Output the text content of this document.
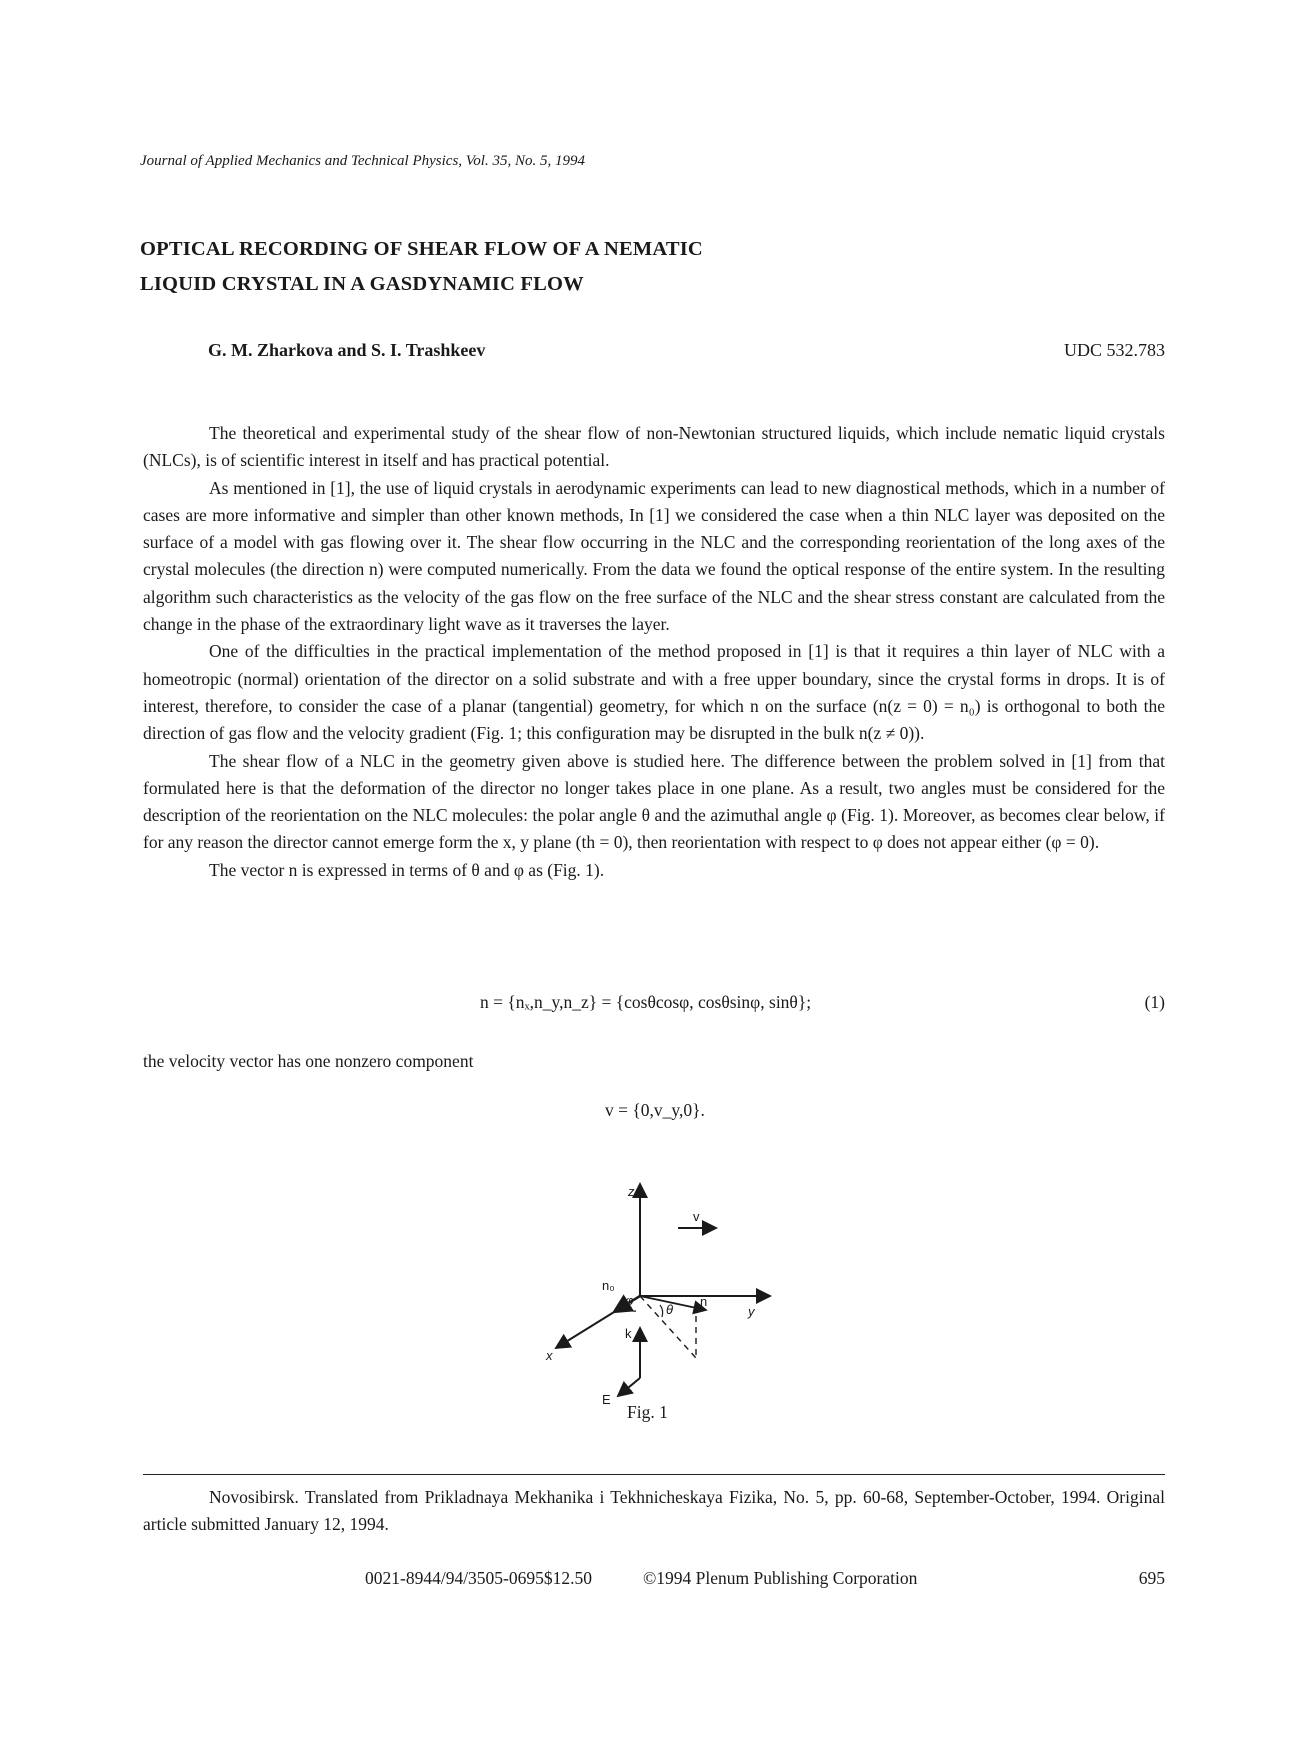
Journal of Applied Mechanics and Technical Physics, Vol. 35, No. 5, 1994
OPTICAL RECORDING OF SHEAR FLOW OF A NEMATIC
LIQUID CRYSTAL IN A GASDYNAMIC FLOW
G. M. Zharkova and S. I. Trashkeev	UDC 532.783

The theoretical and experimental study of the shear flow of non-Newtonian structured liquids, which include nematic liquid crystals (NLCs), is of scientific interest in itself and has practical potential.

As mentioned in [1], the use of liquid crystals in aerodynamic experiments can lead to new diagnostical methods, which in a number of cases are more informative and simpler than other known methods, In [1] we considered the case when a thin NLC layer was deposited on the surface of a model with gas flowing over it. The shear flow occurring in the NLC and the corresponding reorientation of the long axes of the crystal molecules (the direction n) were computed numerically. From the data we found the optical response of the entire system. In the resulting algorithm such characteristics as the velocity of the gas flow on the free surface of the NLC and the shear stress constant are calculated from the change in the phase of the extraordinary light wave as it traverses the layer.

One of the difficulties in the practical implementation of the method proposed in [1] is that it requires a thin layer of NLC with a homeotropic (normal) orientation of the director on a solid substrate and with a free upper boundary, since the crystal forms in drops. It is of interest, therefore, to consider the case of a planar (tangential) geometry, for which n on the surface (n(z = 0) = n₀) is orthogonal to both the direction of gas flow and the velocity gradient (Fig. 1; this configuration may be disrupted in the bulk n(z ≠ 0)).

The shear flow of a NLC in the geometry given above is studied here. The difference between the problem solved in [1] from that formulated here is that the deformation of the director no longer takes place in one plane. As a result, two angles must be considered for the description of the reorientation on the NLC molecules: the polar angle θ and the azimuthal angle φ (Fig. 1). Moreover, as becomes clear below, if for any reason the director cannot emerge form the x, y plane (th = 0), then reorientation with respect to φ does not appear either (φ = 0).

The vector n is expressed in terms of θ and φ as (Fig. 1).

n = {nₓ,n_y,n_z} = {cosθcosφ, cosθsinφ, sinθ};	(1)
the velocity vector has one nonzero component
v = {0,v_y,0}.
z
v
y
n₀
φ
θ
n
k
x
E
Fig. 1

Novosibirsk. Translated from Prikladnaya Mekhanika i Tekhnicheskaya Fizika, No. 5, pp. 60-68, September-October, 1994. Original article submitted January 12, 1994.

0021-8944/94/3505-0695$12.50	©1994 Plenum Publishing Corporation	695
